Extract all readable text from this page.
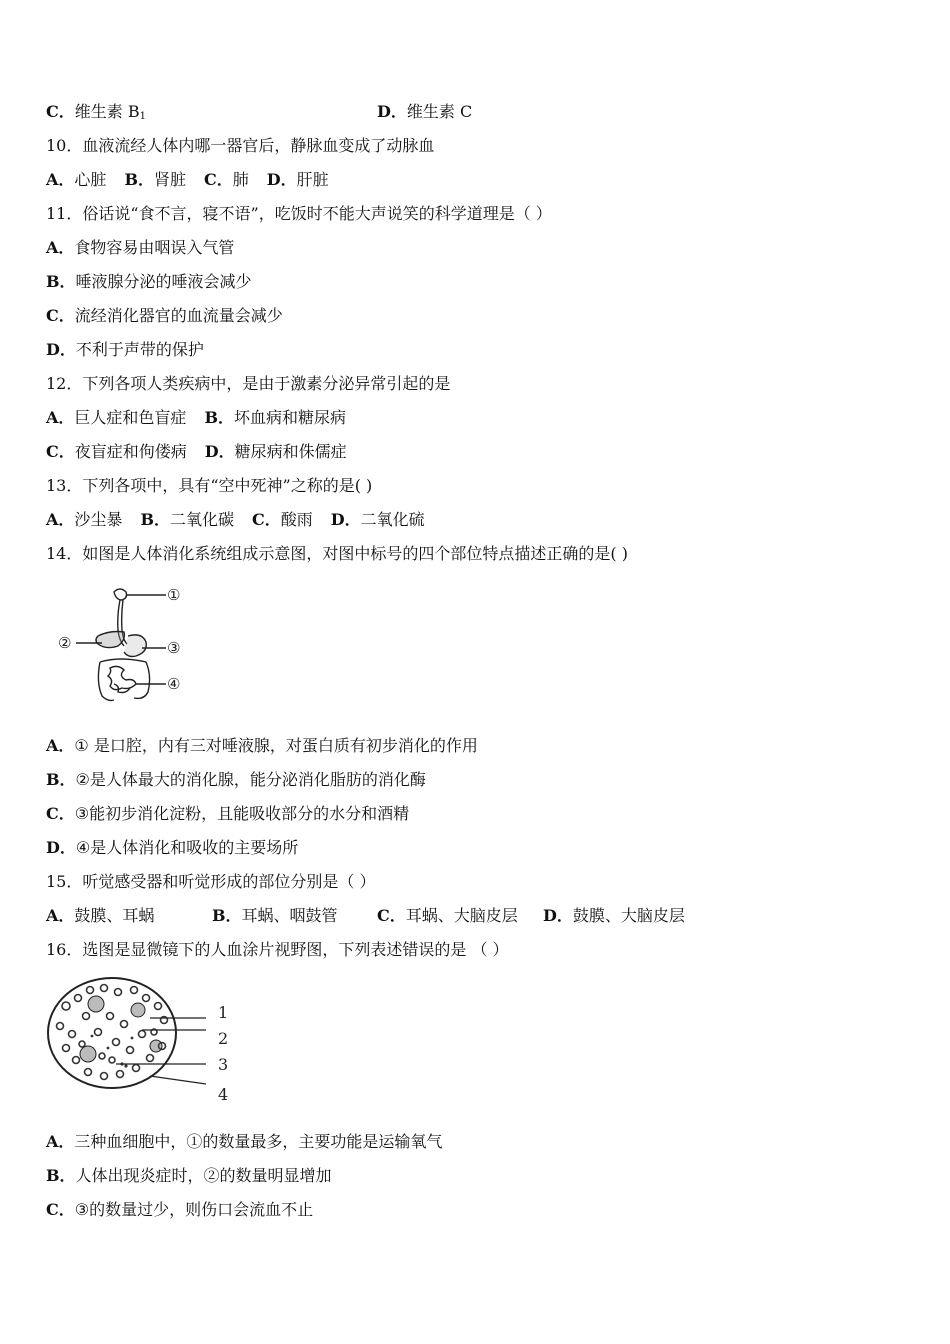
C．维生素 $B_1$	D．维生素 C
10．血液流经人体内哪一器官后，静脉血变成了动脉血
A．心脏 B．肾脏 C．肺 D．肝脏
11．俗话说“食不言，寝不语”，吃饭时不能大声说笑的科学道理是（ ）
A．食物容易由咽误入气管
B．唾液腺分泌的唾液会减少
C．流经消化器官的血流量会减少
D．不利于声带的保护
12．下列各项人类疾病中，是由于激素分泌异常引起的是
A．巨人症和色盲症 B．坏血病和糖尿病
C．夜盲症和佝偻病 D．糖尿病和侏儒症
13．下列各项中，具有“空中死神”之称的是( )
A．沙尘暴 B．二氧化碳 C．酸雨 D．二氧化硫
14．如图是人体消化系统组成示意图，对图中标号的四个部位特点描述正确的是( )
①
②	③
④
A．① 是口腔，内有三对唾液腺，对蛋白质有初步消化的作用
B．②是人体最大的消化腺，能分泌消化脂肪的消化酶
C．③能初步消化淀粉，且能吸收部分的水分和酒精
D．④是人体消化和吸收的主要场所
15．听觉感受器和听觉形成的部位分别是（ ）
A．鼓膜、耳蜗	B．耳蜗、咽鼓管 C．耳蜗、大脑皮层 D．鼓膜、大脑皮层
16．选图是显微镜下的人血涂片视野图，下列表述错误的是 （ ）
1
2
3
4
A．三种血细胞中，①的数量最多，主要功能是运输氧气
B．人体出现炎症时，②的数量明显增加
C．③的数量过少，则伤口会流血不止
